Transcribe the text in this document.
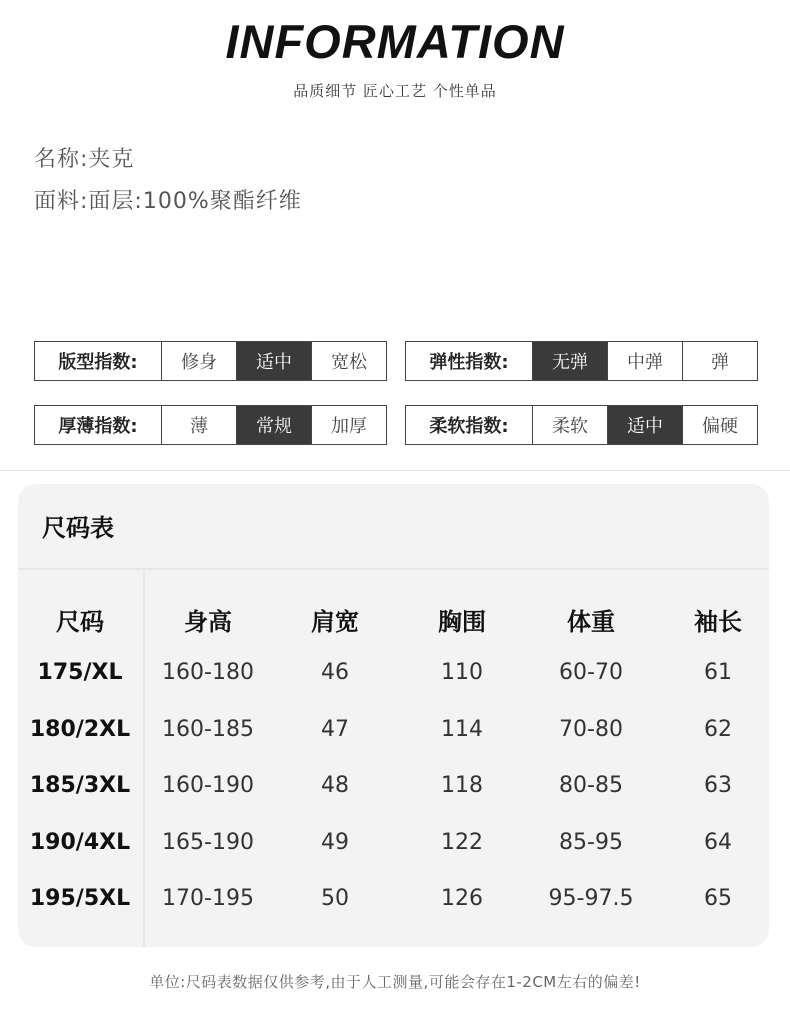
INFORMATION
品质细节 匠心工艺 个性单品
名称:夹克
面料:面层:100%聚酯纤维
版型指数:	修身	适中	宽松	弹性指数:	无弹	中弹	弹
厚薄指数:	薄	常规	加厚	柔软指数:	柔软	适中	偏硬
尺码表
尺码	身高	肩宽	胸围	体重	袖长
175/XL 160-180	46	110	60-70	61
180/2XL 160-185	47	114	70-80	62
185/3XL 160-190	48	118	80-85	63
190/4XL 165-190	49	122	85-95	64
195/5XL 170-195	50	126	95-97.5	65
单位:尺码表数据仅供参考,由于人工测量,可能会存在1-2CM左右的偏差!
